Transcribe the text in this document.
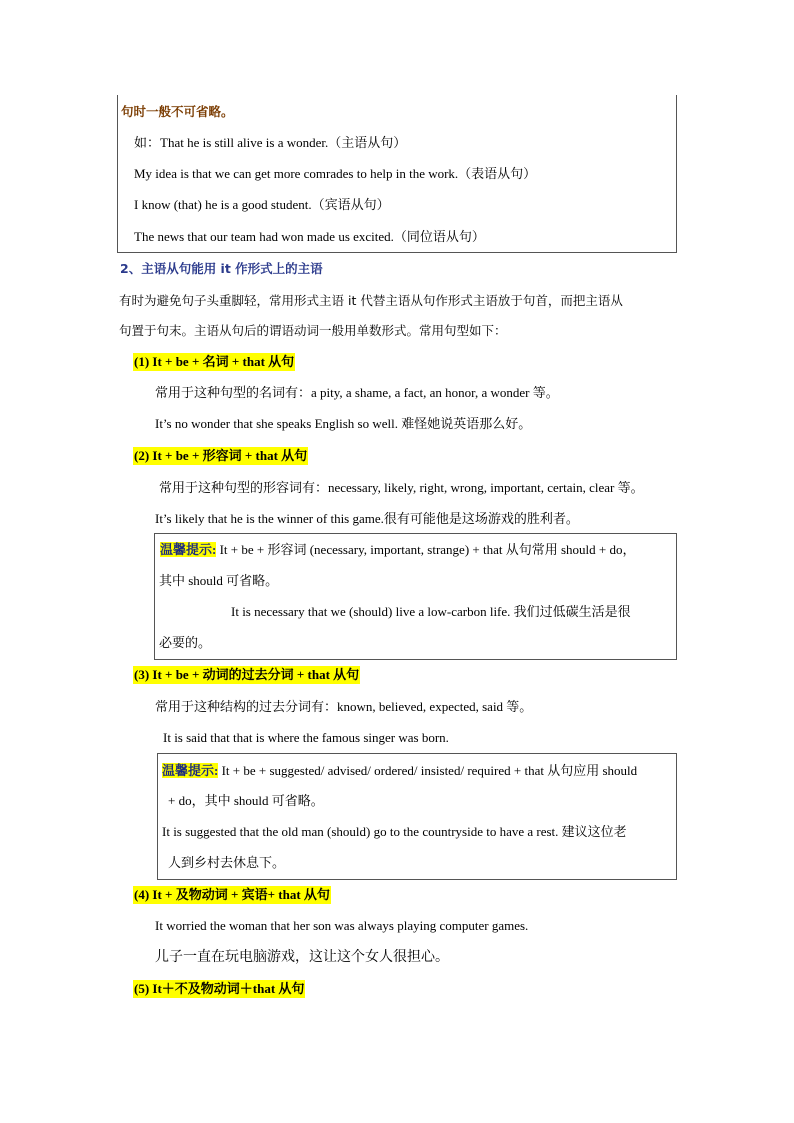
句时一般不可省略。
如：That he is still alive is a wonder.（主语从句）
My idea is that we can get more comrades to help in the work.（表语从句）
I know (that) he is a good student.（宾语从句）
The news that our team had won made us excited.（同位语从句）
2、主语从句能用 it 作形式上的主语
有时为避免句子头重脚轻，常用形式主语 it 代替主语从句作形式主语放于句首，而把主语从
句置于句末。主语从句后的谓语动词一般用单数形式。常用句型如下：
(1) It + be + 名词 + that 从句
常用于这种句型的名词有：a pity, a shame, a fact, an honor, a wonder 等。
It’s no wonder that she speaks English so well. 难怪她说英语那么好。
(2) It + be + 形容词 + that 从句
常用于这种句型的形容词有：necessary, likely, right, wrong, important, certain, clear 等。
It’s likely that he is the winner of this game.很有可能他是这场游戏的胜利者。
温馨提示: It + be + 形容词 (necessary, important, strange) + that 从句常用 should + do，
其中 should 可省略。
It is necessary that we (should) live a low-carbon life. 我们过低碳生活是很
必要的。
(3) It + be + 动词的过去分词 + that 从句
常用于这种结构的过去分词有：known, believed, expected, said 等。
It is said that that is where the famous singer was born.
温馨提示: It + be + suggested/ advised/ ordered/ insisted/ required + that 从句应用 should
+ do，其中 should 可省略。
It is suggested that the old man (should) go to the countryside to have a rest. 建议这位老
人到乡村去休息下。
(4) It + 及物动词 + 宾语+ that 从句
It worried the woman that her son was always playing computer games.
儿子一直在玩电脑游戏，这让这个女人很担心。
(5) It＋不及物动词＋that 从句
